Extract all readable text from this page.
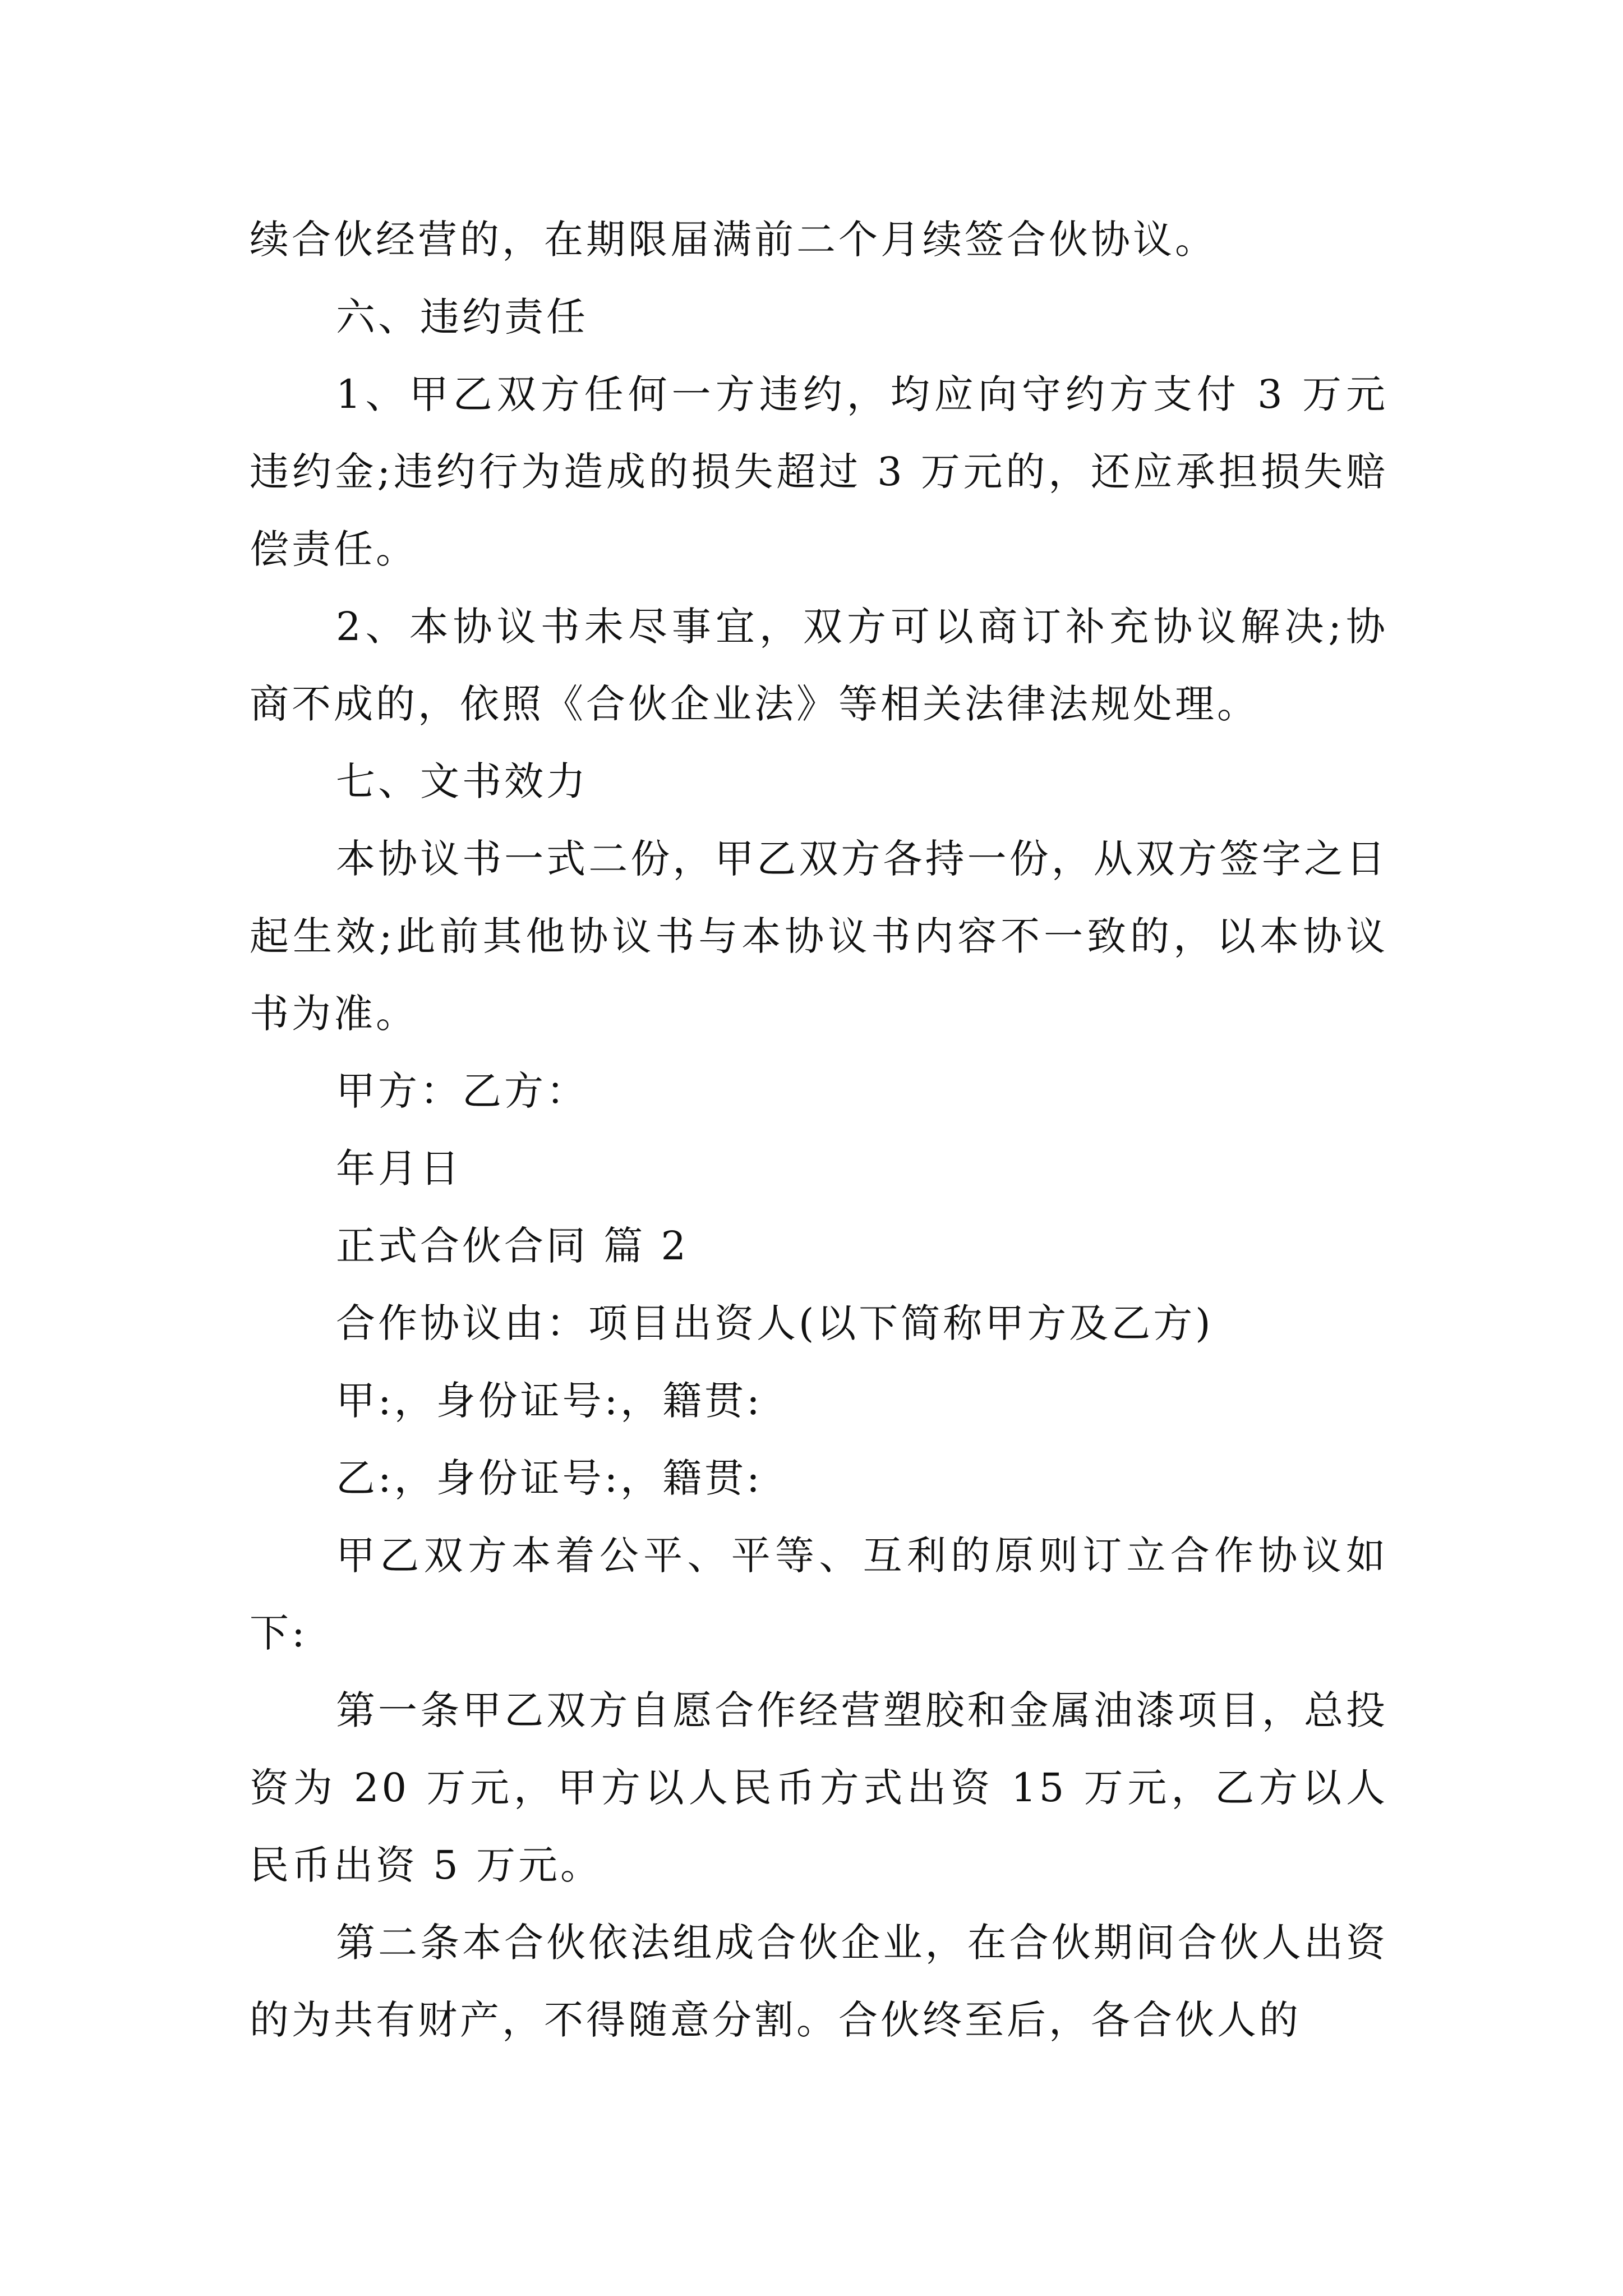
续合伙经营的，在期限届满前二个月续签合伙协议。

六、违约责任

1、甲乙双方任何一方违约，均应向守约方支付 3 万元违约金;违约行为造成的损失超过 3 万元的，还应承担损失赔偿责任。

2、本协议书未尽事宜，双方可以商订补充协议解决;协商不成的，依照《合伙企业法》等相关法律法规处理。

七、文书效力

本协议书一式二份，甲乙双方各持一份，从双方签字之日起生效;此前其他协议书与本协议书内容不一致的，以本协议书为准。

甲方：乙方：

年月日

正式合伙合同 篇 2

合作协议由：项目出资人(以下简称甲方及乙方)

甲:，身份证号:，籍贯:

乙:，身份证号:，籍贯:

甲乙双方本着公平、平等、互利的原则订立合作协议如下:

第一条甲乙双方自愿合作经营塑胶和金属油漆项目，总投资为 20 万元，甲方以人民币方式出资 15 万元，乙方以人民币出资 5 万元。

第二条本合伙依法组成合伙企业，在合伙期间合伙人出资的为共有财产，不得随意分割。合伙终至后，各合伙人的
